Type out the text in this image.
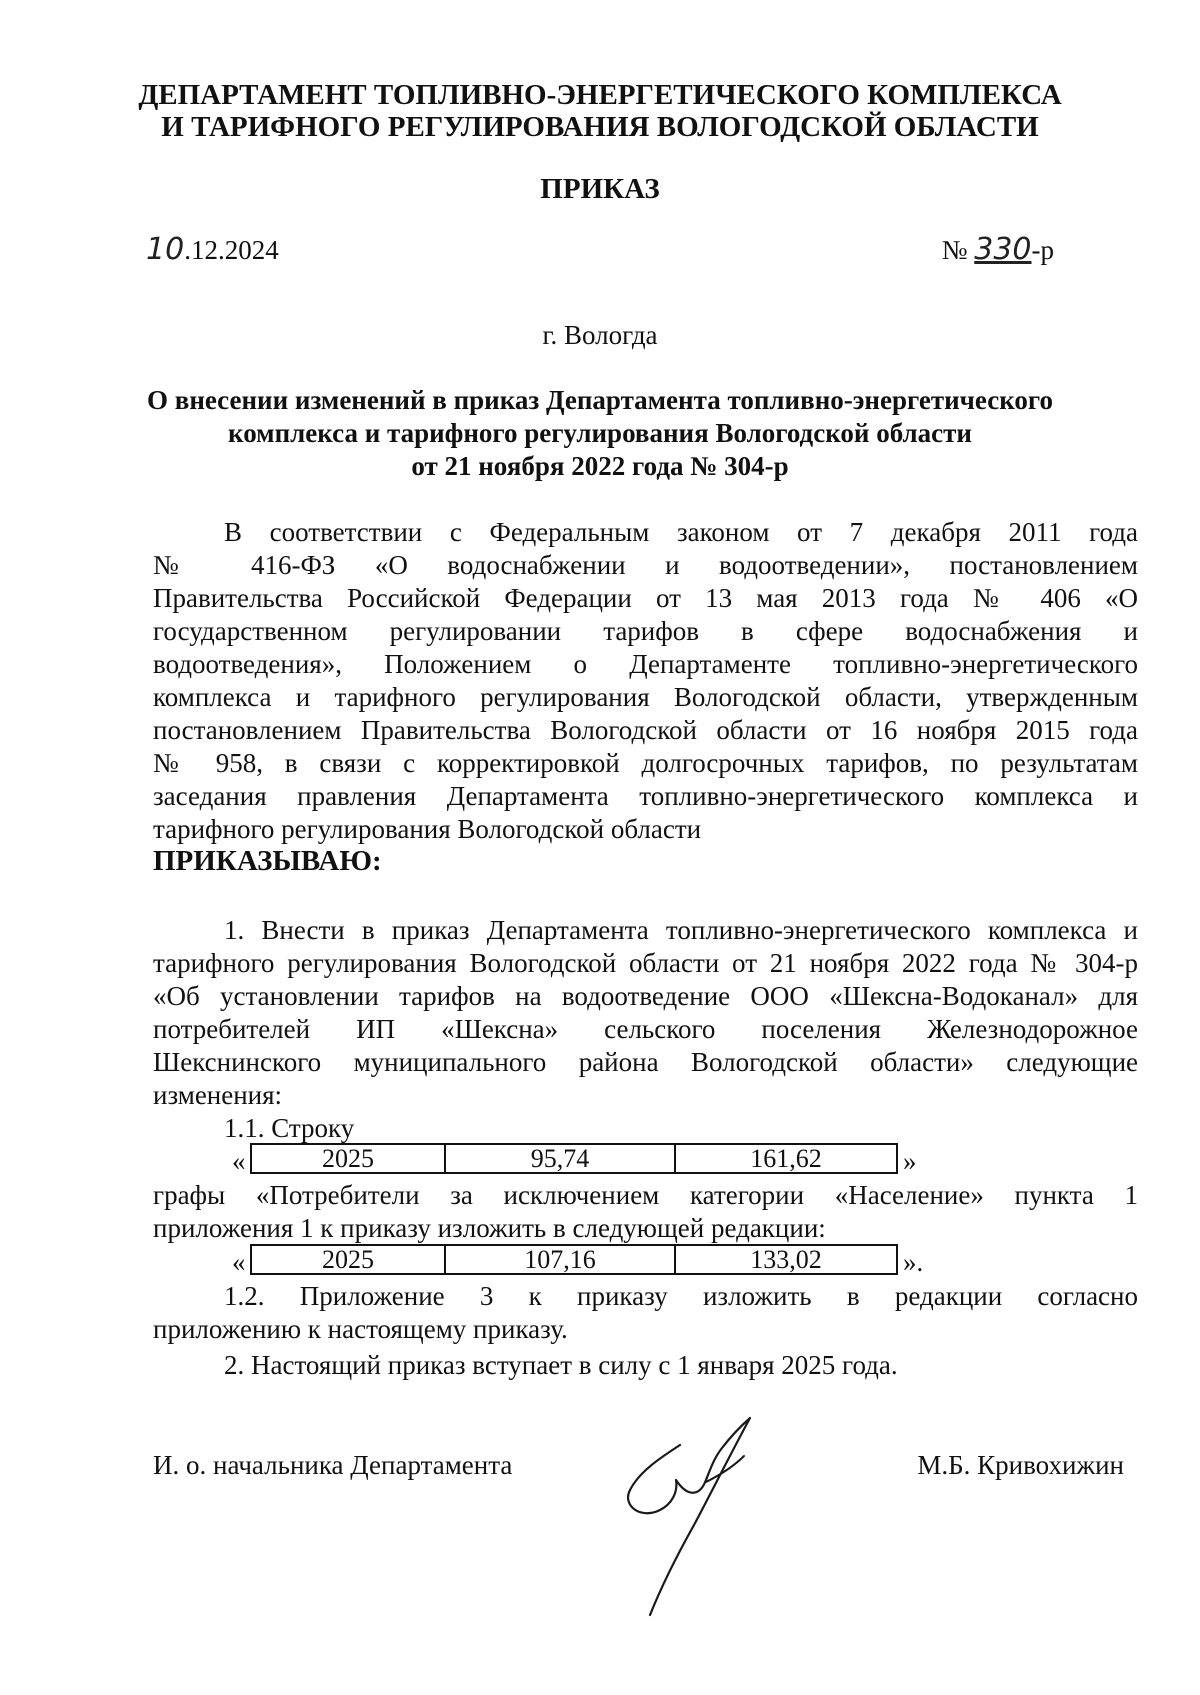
ДЕПАРТАМЕНТ ТОПЛИВНО-ЭНЕРГЕТИЧЕСКОГО КОМПЛЕКСА
И ТАРИФНОГО РЕГУЛИРОВАНИЯ ВОЛОГОДСКОЙ ОБЛАСТИ
ПРИКАЗ
10.12.2024	№ 330-р
г. Вологда
О внесении изменений в приказ Департамента топливно-энергетического
комплекса и тарифного регулирования Вологодской области
от 21 ноября 2022 года № 304-р
В соответствии с Федеральным законом от 7 декабря 2011 года
№ 416-ФЗ «О водоснабжении и водоотведении», постановлением
Правительства Российской Федерации от 13 мая 2013 года № 406 «О
государственном регулировании тарифов в сфере водоснабжения и
водоотведения», Положением о Департаменте топливно-энергетического
комплекса и тарифного регулирования Вологодской области, утвержденным
постановлением Правительства Вологодской области от 16 ноября 2015 года
№ 958, в связи с корректировкой долгосрочных тарифов, по результатам
заседания правления Департамента топливно-энергетического комплекса и
тарифного регулирования Вологодской области
ПРИКАЗЫВАЮ:
1. Внести в приказ Департамента топливно-энергетического комплекса и
тарифного регулирования Вологодской области от 21 ноября 2022 года № 304-р
«Об установлении тарифов на водоотведение ООО «Шексна-Водоканал» для
потребителей ИП «Шексна» сельского поселения Железнодорожное
Шекснинского муниципального района Вологодской области» следующие
изменения:
1.1. Строку
«	2025	95,74	161,62	»
графы «Потребители за исключением категории «Население» пункта 1
приложения 1 к приказу изложить в следующей редакции:
«	2025	107,16	133,02	».
1.2. Приложение 3 к приказу изложить в редакции согласно
приложению к настоящему приказу.
2. Настоящий приказ вступает в силу с 1 января 2025 года.
И. о. начальника Департамента	М.Б. Кривохижин
